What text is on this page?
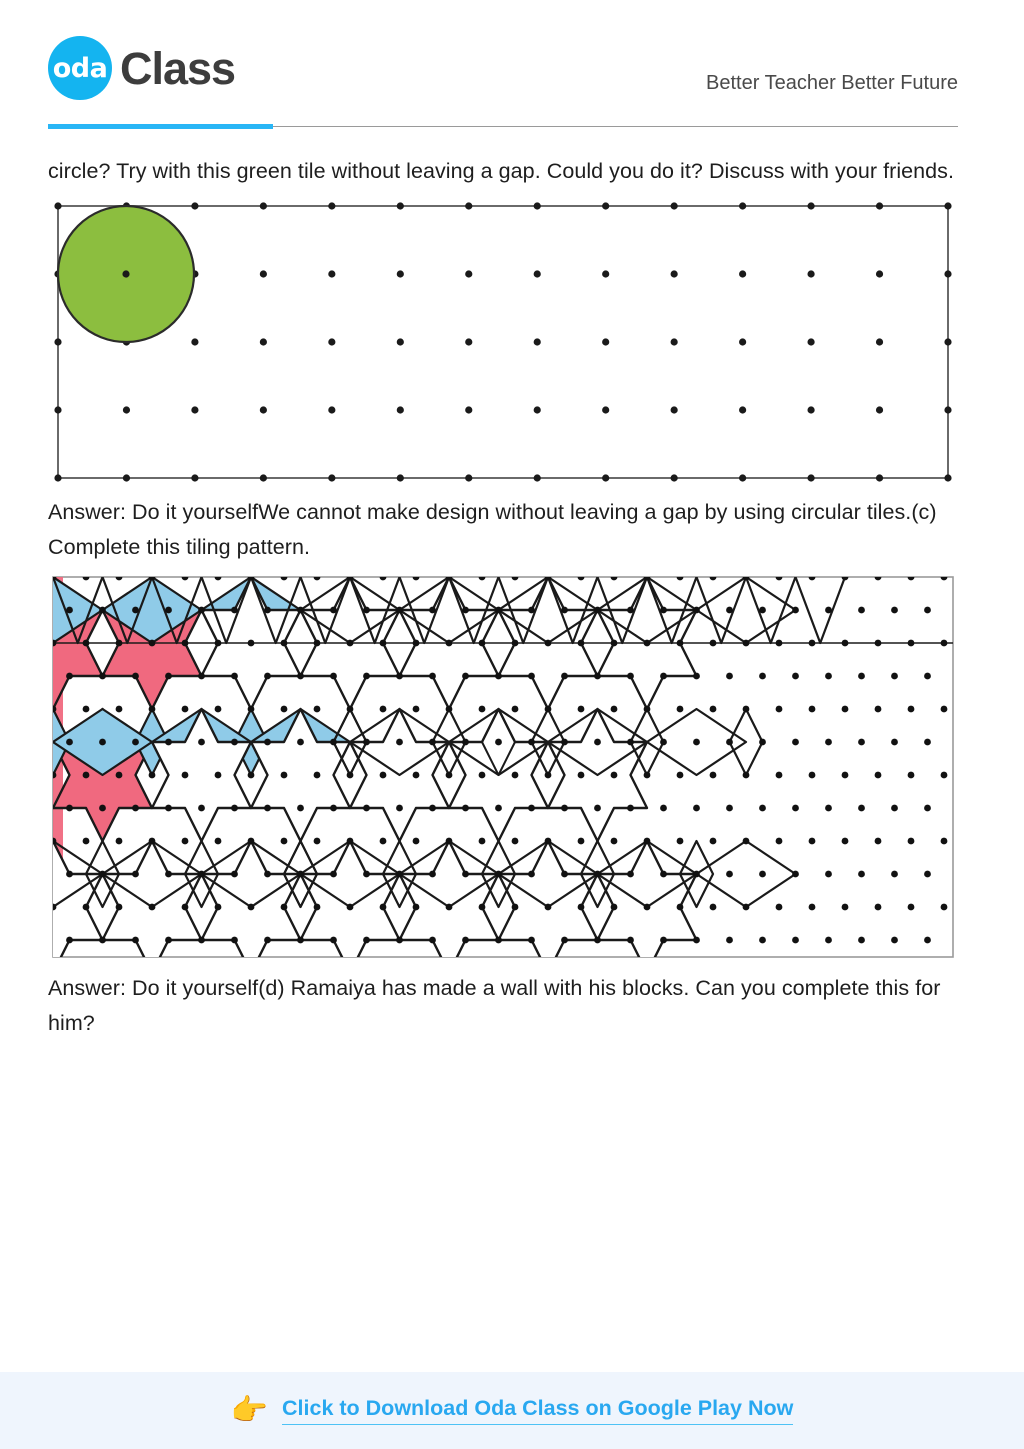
oda Class	Better Teacher Better Future

circle? Try with this green tile without leaving a gap. Could you do it? Discuss with your friends.

Answer: Do it yourselfWe cannot make design without leaving a gap by using circular tiles.(c) Complete this tiling pattern.

Answer: Do it yourself(d) Ramaiya has made a wall with his blocks. Can you complete this for him?

👉 Click to Download Oda Class on Google Play Now
